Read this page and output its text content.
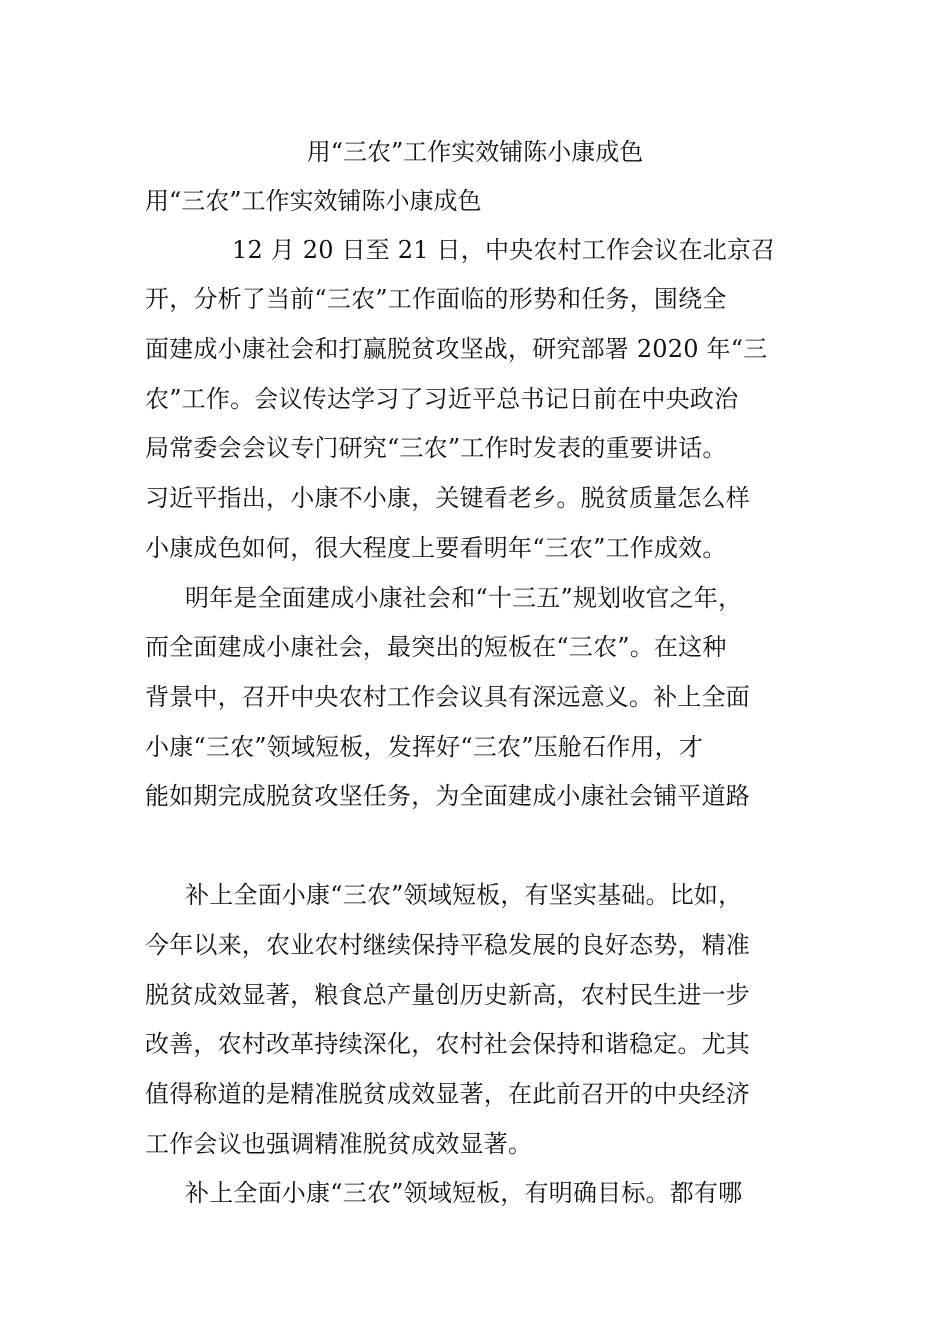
用“三农”工作实效铺陈小康成色
用“三农”工作实效铺陈小康成色
12 月 20 日至 21 日，中央农村工作会议在北京召
开，分析了当前“三农”工作面临的形势和任务，围绕全
面建成小康社会和打赢脱贫攻坚战，研究部署 2020 年“三
农”工作。会议传达学习了习近平总书记日前在中央政治
局常委会会议专门研究“三农”工作时发表的重要讲话。
习近平指出，小康不小康，关键看老乡。脱贫质量怎么样
小康成色如何，很大程度上要看明年“三农”工作成效。
明年是全面建成小康社会和“十三五”规划收官之年，
而全面建成小康社会，最突出的短板在“三农”。在这种
背景中，召开中央农村工作会议具有深远意义。补上全面
小康“三农”领域短板，发挥好“三农”压舱石作用，才
能如期完成脱贫攻坚任务，为全面建成小康社会铺平道路
补上全面小康“三农”领域短板，有坚实基础。比如，
今年以来，农业农村继续保持平稳发展的良好态势，精准
脱贫成效显著，粮食总产量创历史新高，农村民生进一步
改善，农村改革持续深化，农村社会保持和谐稳定。尤其
值得称道的是精准脱贫成效显著，在此前召开的中央经济
工作会议也强调精准脱贫成效显著。
补上全面小康“三农”领域短板，有明确目标。都有哪
